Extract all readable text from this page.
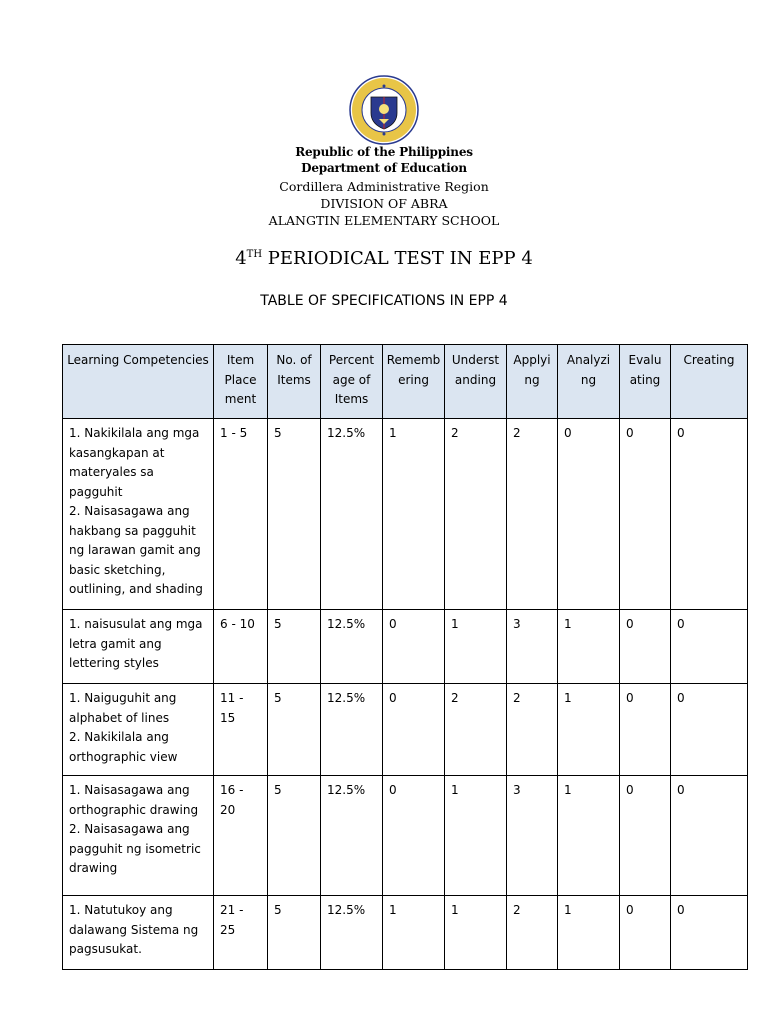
Republic of the Philippines
Department of Education
Cordillera Administrative Region
DIVISION OF ABRA
ALANGTIN ELEMENTARY SCHOOL
4TH PERIODICAL TEST IN EPP 4
TABLE OF SPECIFICATIONS IN EPP 4
Learning Competencies	Item Place ment	No. of Items	Percent age of Items	Rememb ering	Underst anding	Applyi ng	Analyzi ng	Evalu ating	Creating
1. Nakikilala ang mga kasangkapan at materyales sa pagguhit
2. Naisasagawa ang hakbang sa pagguhit ng larawan gamit ang basic sketching, outlining, and shading	1 - 5	5	12.5%	1	2	2	0	0	0
1. naisusulat ang mga letra gamit ang lettering styles	6 - 10	5	12.5%	0	1	3	1	0	0
1. Naiguguhit ang alphabet of lines
2. Nakikilala ang orthographic view	11 - 15	5	12.5%	0	2	2	1	0	0
1. Naisasagawa ang orthographic drawing
2. Naisasagawa ang pagguhit ng isometric drawing	16 - 20	5	12.5%	0	1	3	1	0	0
1. Natutukoy ang dalawang Sistema ng pagsusukat.	21 - 25	5	12.5%	1	1	2	1	0	0
